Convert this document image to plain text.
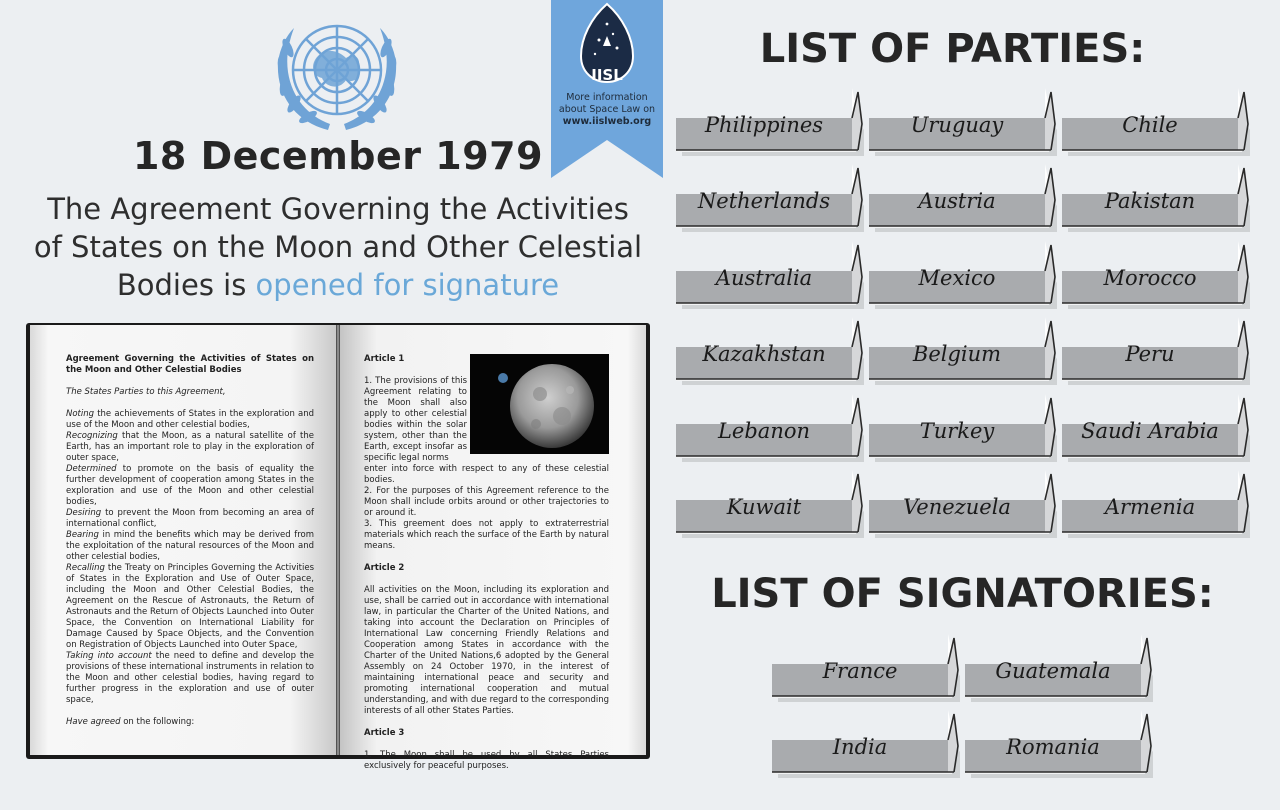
IISL
More information
about Space Law on
www.iislweb.org
18 December 1979
The Agreement Governing the Activities
of States on the Moon and Other Celestial
Bodies is opened for signature

Agreement Governing the Activities of States on the Moon and Other Celestial Bodies

The States Parties to this Agreement,

Noting the achievements of States in the exploration and use of the Moon and other celestial bodies,

Recognizing that the Moon, as a natural satellite of the Earth, has an important role to play in the exploration of outer space,

Determined to promote on the basis of equality the further development of cooperation among States in the exploration and use of the Moon and other celestial bodies,

Desiring to prevent the Moon from becoming an area of international conflict,

Bearing in mind the benefits which may be derived from the exploitation of the natural resources of the Moon and other celestial bodies,

Recalling the Treaty on Principles Governing the Activities of States in the Exploration and Use of Outer Space, including the Moon and Other Celestial Bodies, the Agreement on the Rescue of Astronauts, the Return of Astronauts and the Return of Objects Launched into Outer Space, the Convention on International Liability for Damage Caused by Space Objects, and the Convention on Registration of Objects Launched into Outer Space,

Taking into account the need to define and develop the provisions of these international instruments in relation to the Moon and other celestial bodies, having regard to further progress in the exploration and use of outer space,

Have agreed on the following:

Article 1

1. The provisions of this Agreement relating to the Moon shall also apply to other celestial bodies within the solar system, other than the Earth, except insofar as specific legal norms

enter into force with respect to any of these celestial bodies.

2. For the purposes of this Agreement reference to the Moon shall include orbits around or other trajectories to or around it.

3. This greement does not apply to extraterrestrial materials which reach the surface of the Earth by natural means.

Article 2

All activities on the Moon, including its exploration and use, shall be carried out in accordance with international law, in particular the Charter of the United Nations, and taking into account the Declaration on Principles of International Law concerning Friendly Relations and Cooperation among States in accordance with the Charter of the United Nations,6 adopted by the General Assembly on 24 October 1970, in the interest of maintaining international peace and security and promoting international cooperation and mutual understanding, and with due regard to the corresponding interests of all other States Parties.

Article 3

1. The Moon shall be used by all States Parties exclusively for peaceful purposes.

LIST OF PARTIES:
Philippines	Uruguay	Chile
Netherlands	Austria	Pakistan
Australia	Mexico	Morocco
Kazakhstan	Belgium	Peru
Lebanon	Turkey	Saudi Arabia
Kuwait	Venezuela	Armenia
LIST OF SIGNATORIES:
France	Guatemala
India	Romania
